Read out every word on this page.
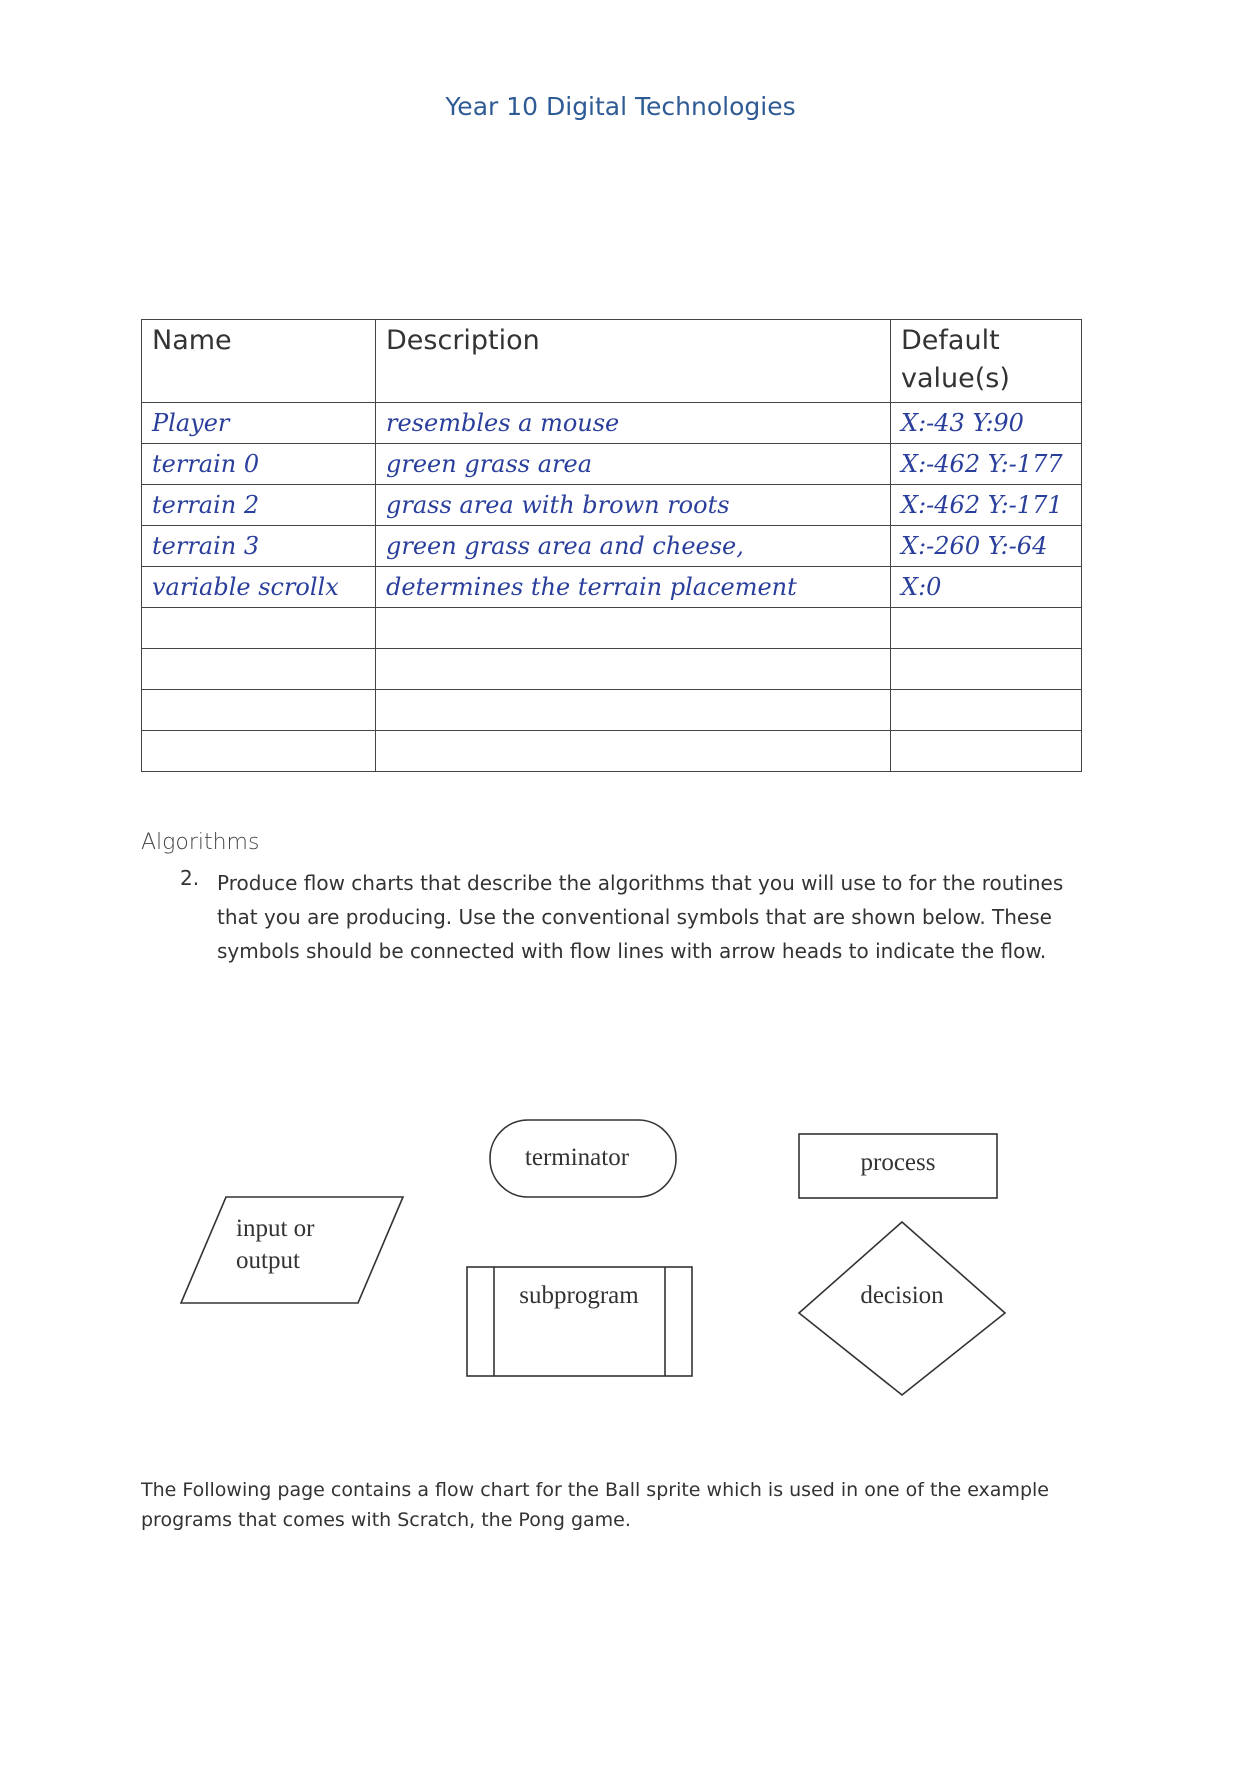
Year 10 Digital Technologies
Name	Description	Default value(s)
Player	resembles a mouse	X:-43 Y:90
terrain 0	green grass area	X:-462 Y:-177
terrain 2	grass area with brown roots	X:-462 Y:-171
terrain 3	green grass area and cheese,	X:-260 Y:-64
variable scrollx	determines the terrain placement	X:0

Algorithms
2. Produce flow charts that describe the algorithms that you will use to for the routines that you are producing. Use the conventional symbols that are shown below. These symbols should be connected with flow lines with arrow heads to indicate the flow.
terminator	process
input or
output
subprogram	decision
The Following page contains a flow chart for the Ball sprite which is used in one of the example programs that comes with Scratch, the Pong game.
